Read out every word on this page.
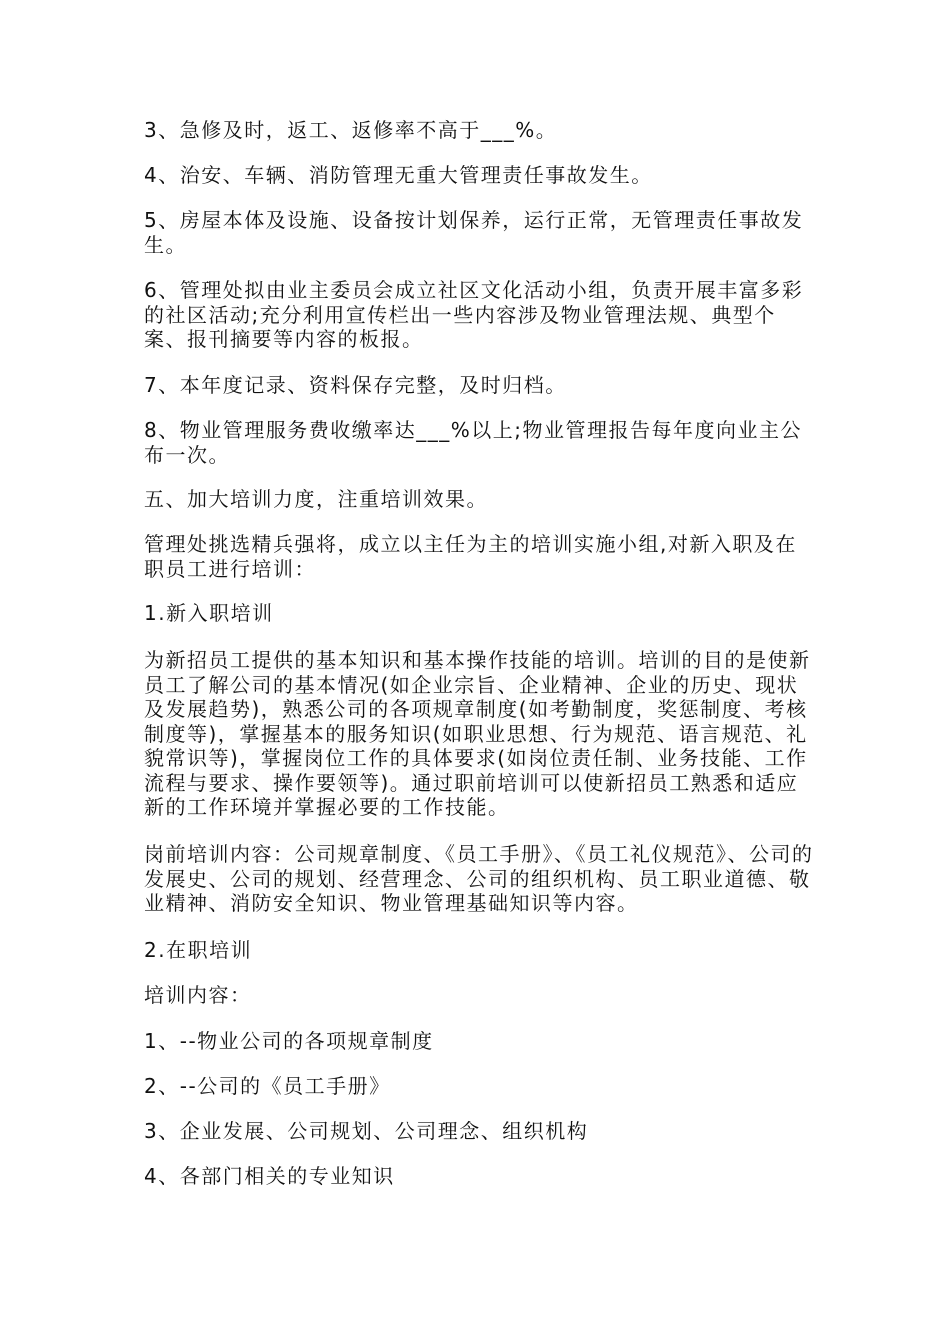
3、急修及时，返工、返修率不高于___%。

4、治安、车辆、消防管理无重大管理责任事故发生。

5、房屋本体及设施、设备按计划保养，运行正常，无管理责任事故发生。

6、管理处拟由业主委员会成立社区文化活动小组，负责开展丰富多彩的社区活动;充分利用宣传栏出一些内容涉及物业管理法规、典型个案、报刊摘要等内容的板报。

7、本年度记录、资料保存完整，及时归档。

8、物业管理服务费收缴率达___%以上;物业管理报告每年度向业主公布一次。

五、加大培训力度，注重培训效果。

管理处挑选精兵强将，成立以主任为主的培训实施小组,对新入职及在职员工进行培训：

1.新入职培训

为新招员工提供的基本知识和基本操作技能的培训。培训的目的是使新员工了解公司的基本情况(如企业宗旨、企业精神、企业的历史、现状及发展趋势)，熟悉公司的各项规章制度(如考勤制度，奖惩制度、考核制度等)，掌握基本的服务知识(如职业思想、行为规范、语言规范、礼貌常识等)，掌握岗位工作的具体要求(如岗位责任制、业务技能、工作流程与要求、操作要领等)。通过职前培训可以使新招员工熟悉和适应新的工作环境并掌握必要的工作技能。

岗前培训内容：公司规章制度、《员工手册》、《员工礼仪规范》、公司的发展史、公司的规划、经营理念、公司的组织机构、员工职业道德、敬业精神、消防安全知识、物业管理基础知识等内容。

2.在职培训

培训内容：

1、--物业公司的各项规章制度

2、--公司的《员工手册》

3、企业发展、公司规划、公司理念、组织机构

4、各部门相关的专业知识
